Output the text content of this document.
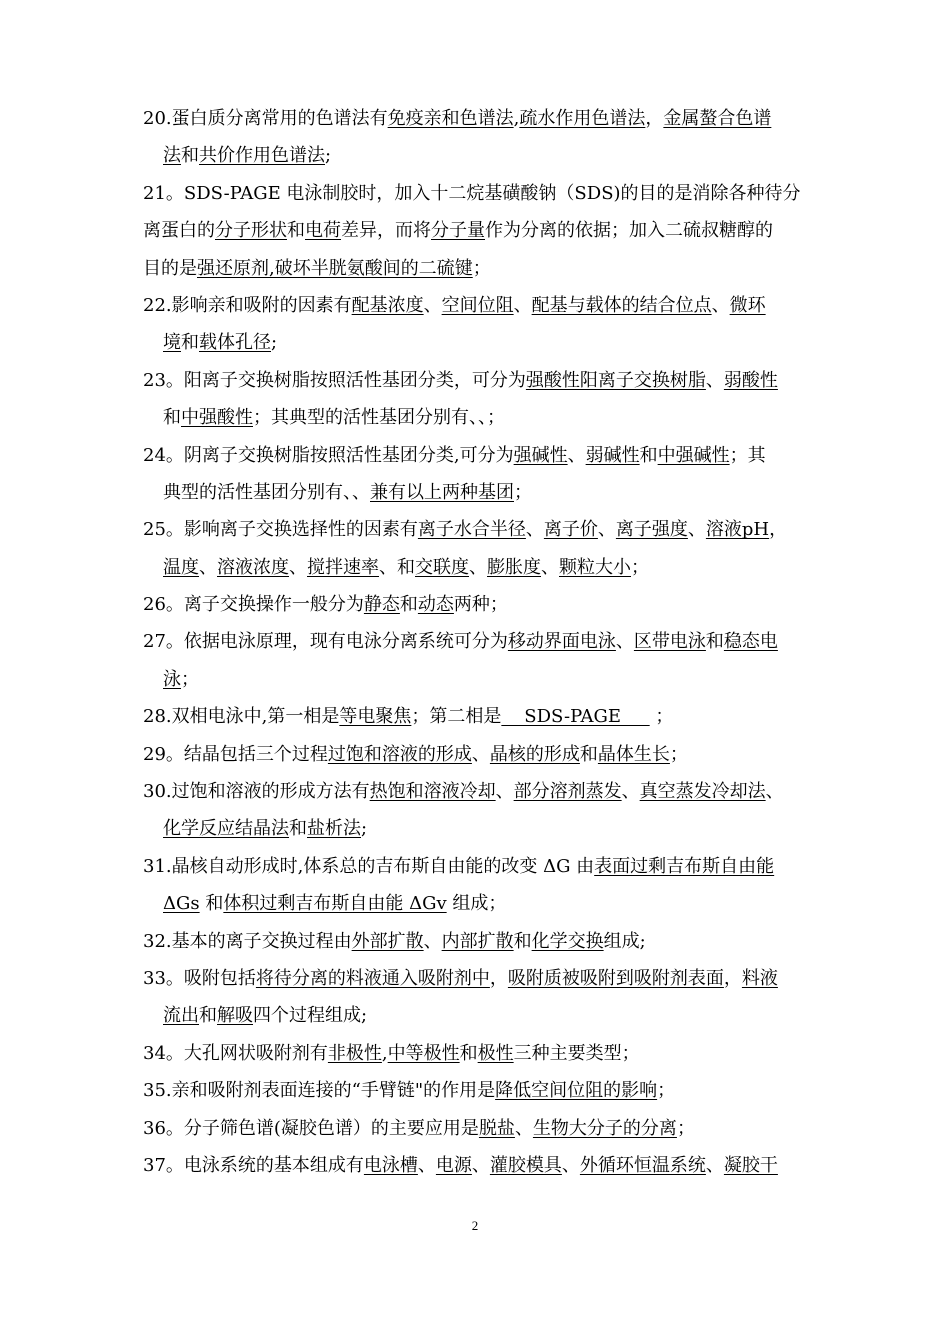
20.蛋白质分离常用的色谱法有免疫亲和色谱法,疏水作用色谱法，金属螯合色谱
法和共价作用色谱法;
21。SDS-PAGE 电泳制胶时，加入十二烷基磺酸钠（SDS)的目的是消除各种待分
离蛋白的分子形状和电荷差异，而将分子量作为分离的依据；加入二硫叔糖醇的
目的是强还原剂,破坏半胱氨酸间的二硫键；
22.影响亲和吸附的因素有配基浓度、空间位阻、配基与载体的结合位点、微环
境和载体孔径;
23。阳离子交换树脂按照活性基团分类，可分为强酸性阳离子交换树脂、弱酸性
和中强酸性；其典型的活性基团分别有、、；
24。阴离子交换树脂按照活性基团分类,可分为强碱性、弱碱性和中强碱性；其
典型的活性基团分别有、、兼有以上两种基团；
25。影响离子交换选择性的因素有离子水合半径、离子价、离子强度、溶液pH，
温度、溶液浓度、搅拌速率、和交联度、膨胀度、颗粒大小；
26。离子交换操作一般分为静态和动态两种；
27。依据电泳原理，现有电泳分离系统可分为移动界面电泳、区带电泳和稳态电
泳；
28.双相电泳中,第一相是等电聚焦；第二相是    SDS-PAGE      ；
29。结晶包括三个过程过饱和溶液的形成、晶核的形成和晶体生长；
30.过饱和溶液的形成方法有热饱和溶液冷却、部分溶剂蒸发、真空蒸发冷却法、
化学反应结晶法和盐析法;
31.晶核自动形成时,体系总的吉布斯自由能的改变 ΔG 由表面过剩吉布斯自由能
ΔGs 和体积过剩吉布斯自由能 ΔGv 组成；
32.基本的离子交换过程由外部扩散、内部扩散和化学交换组成;
33。吸附包括将待分离的料液通入吸附剂中，吸附质被吸附到吸附剂表面，料液
流出和解吸四个过程组成;
34。大孔网状吸附剂有非极性,中等极性和极性三种主要类型；
35.亲和吸附剂表面连接的“手臂链"的作用是降低空间位阻的影响；
36。分子筛色谱(凝胶色谱）的主要应用是脱盐、生物大分子的分离；
37。电泳系统的基本组成有电泳槽、电源、灌胶模具、外循环恒温系统、凝胶干
2
